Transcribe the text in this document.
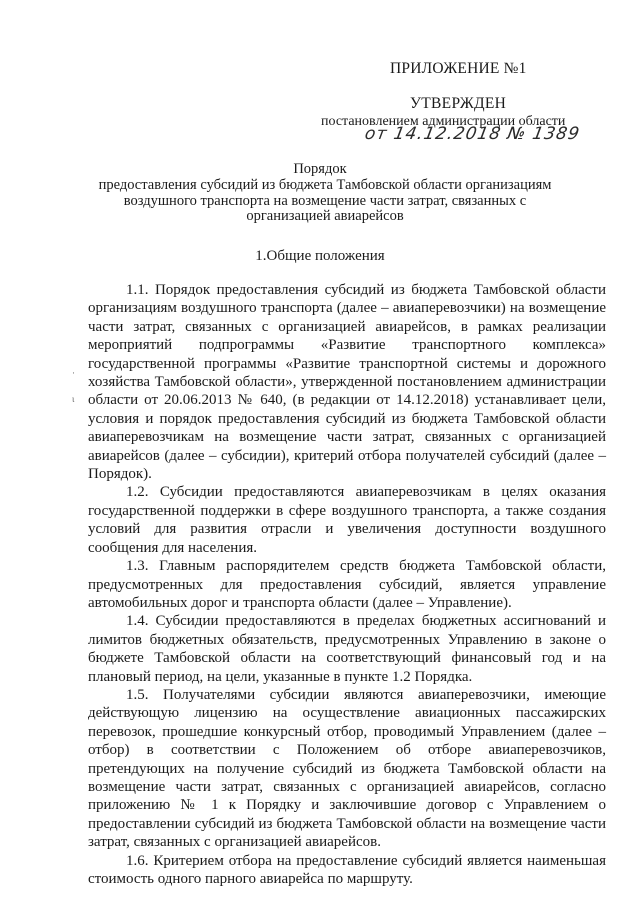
ПРИЛОЖЕНИЕ №1
УТВЕРЖДЕН
постановлением администрации области
от 14.12.2018 № 1389
Порядок
предоставления субсидий из бюджета Тамбовской области организациям воздушного транспорта на возмещение части затрат, связанных с организацией авиарейсов
1.Общие положения

1.1. Порядок предоставления субсидий из бюджета Тамбовской области организациям воздушного транспорта (далее – авиаперевозчики) на возмещение части затрат, связанных с организацией авиарейсов, в рамках реализации мероприятий подпрограммы «Развитие транспортного комплекса» государственной программы «Развитие транспортной системы и дорожного хозяйства Тамбовской области», утвержденной постановлением администрации области от 20.06.2013 № 640, (в редакции от 14.12.2018) устанавливает цели, условия и порядок предоставления субсидий из бюджета Тамбовской области авиаперевозчикам на возмещение части затрат, связанных с организацией авиарейсов (далее – субсидии), критерий отбора получателей субсидий (далее – Порядок).

1.2. Субсидии предоставляются авиаперевозчикам в целях оказания государственной поддержки в сфере воздушного транспорта, а также создания условий для развития отрасли и увеличения доступности воздушного сообщения для населения.

1.3. Главным распорядителем средств бюджета Тамбовской области, предусмотренных для предоставления субсидий, является управление автомобильных дорог и транспорта области (далее – Управление).

1.4. Субсидии предоставляются в пределах бюджетных ассигнований и лимитов бюджетных обязательств, предусмотренных Управлению в законе о бюджете Тамбовской области на соответствующий финансовый год и на плановый период, на цели, указанные в пункте 1.2 Порядка.

1.5. Получателями субсидии являются авиаперевозчики, имеющие действующую лицензию на осуществление авиационных пассажирских перевозок, прошедшие конкурсный отбор, проводимый Управлением (далее – отбор) в соответствии с Положением об отборе авиаперевозчиков, претендующих на получение субсидий из бюджета Тамбовской области на возмещение части затрат, связанных с организацией авиарейсов, согласно приложению № 1 к Порядку и заключившие договор с Управлением о предоставлении субсидий из бюджета Тамбовской области на возмещение части затрат, связанных с организацией авиарейсов.

1.6. Критерием отбора на предоставление субсидий является наименьшая стоимость одного парного авиарейса по маршруту.

·
ι
